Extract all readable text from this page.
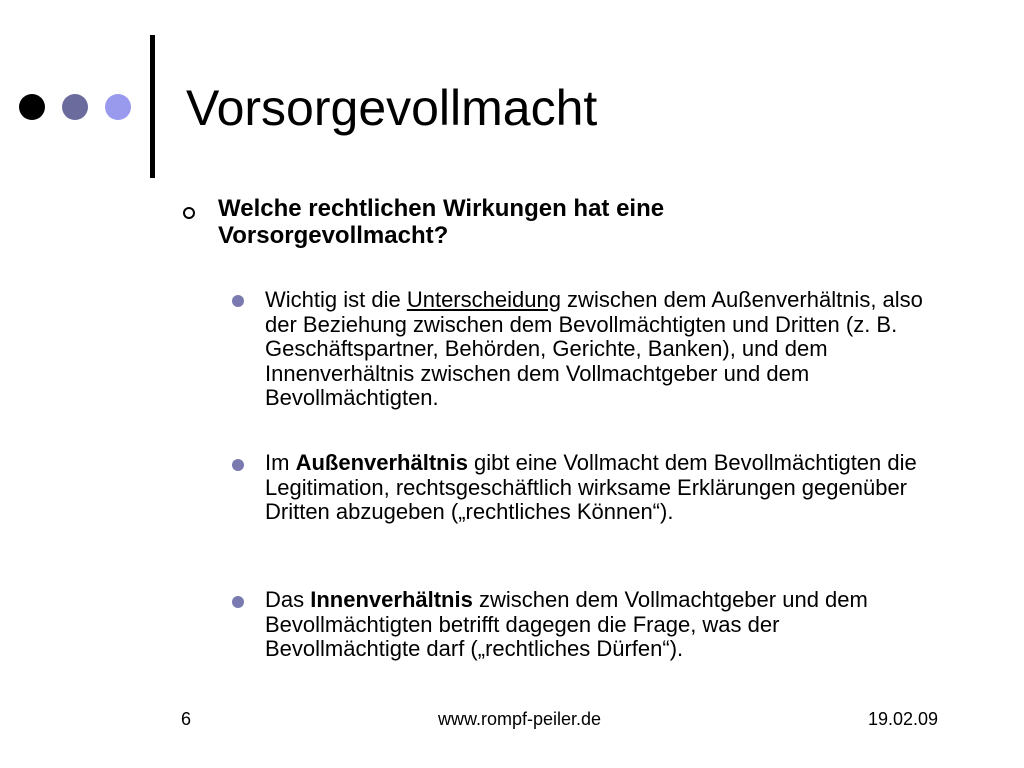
Vorsorgevollmacht
Welche rechtlichen Wirkungen hat eine Vorsorgevollmacht?
Wichtig ist die Unterscheidung zwischen dem Außenverhältnis, also der Beziehung zwischen dem Bevollmächtigten und Dritten (z. B. Geschäftspartner, Behörden, Gerichte, Banken), und dem Innenverhältnis zwischen dem Vollmachtgeber und dem Bevollmächtigten.
Im Außenverhältnis gibt eine Vollmacht dem Bevollmächtigten die Legitimation, rechtsgeschäftlich wirksame Erklärungen gegenüber Dritten abzugeben („rechtliches Können“).
Das Innenverhältnis zwischen dem Vollmachtgeber und dem Bevollmächtigten betrifft dagegen die Frage, was der Bevollmächtigte darf („rechtliches Dürfen“).
6	www.rompf-peiler.de	19.02.09
